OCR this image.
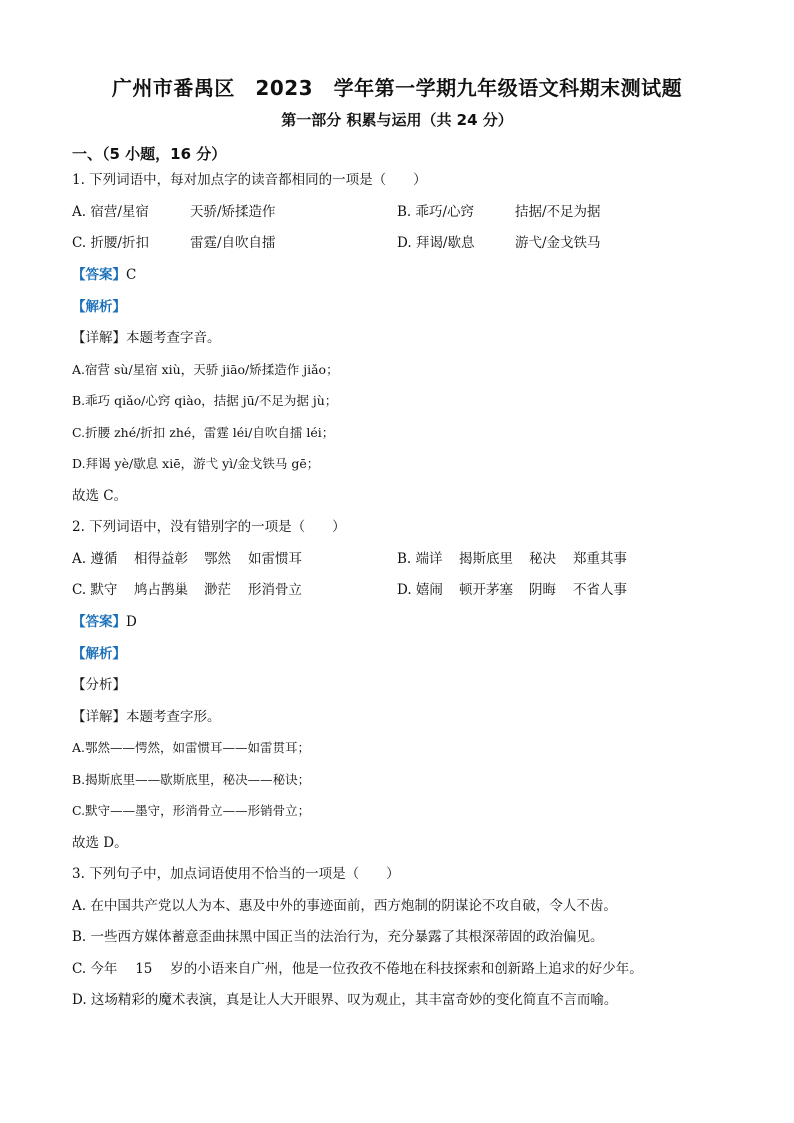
广州市番禺区　2023　学年第一学期九年级语文科期末测试题
第一部分 积累与运用（共 24 分）
一、（5 小题，16 分）
1. 下列词语中，每对加点字的读音都相同的一项是（　　）
A. 宿营/星宿	天骄/矫揉造作	B. 乖巧/心窍	拮据/不足为据
C. 折腰/折扣	雷霆/自吹自擂	D. 拜谒/歇息	游弋/金戈铁马
【答案】C
【解析】
【详解】本题考查字音。
A.宿营 sù/星宿 xiù，天骄 jiāo/矫揉造作 jiǎo；
B.乖巧 qiǎo/心窍 qiào，拮据 jū/不足为据 jù；
C.折腰 zhé/折扣 zhé，雷霆 léi/自吹自擂 léi；
D.拜谒 yè/歇息 xiē，游弋 yì/金戈铁马 gē；
故选 C。
2. 下列词语中，没有错别字的一项是（　　）
A. 遵循 相得益彰 鄂然 如雷惯耳	B. 端详 揭斯底里 秘决 郑重其事
C. 默守 鸠占鹊巢 渺茫 形消骨立	D. 嬉闹 顿开茅塞 阴晦 不省人事
【答案】D
【解析】
【分析】
【详解】本题考查字形。
A.鄂然——愕然，如雷惯耳——如雷贯耳；
B.揭斯底里——歇斯底里，秘决——秘诀；
C.默守——墨守，形消骨立——形销骨立；
故选 D。
3. 下列句子中，加点词语使用不恰当的一项是（　　）
A. 在中国共产党以人为本、惠及中外的事迹面前，西方炮制的阴谋论不攻自破，令人不齿。
B. 一些西方媒体蓄意歪曲抹黑中国正当的法治行为，充分暴露了其根深蒂固的政治偏见。
C. 今年　 15　 岁的小语来自广州，他是一位孜孜不倦地在科技探索和创新路上追求的好少年。
D. 这场精彩的魔术表演，真是让人大开眼界、叹为观止，其丰富奇妙的变化简直不言而喻。
